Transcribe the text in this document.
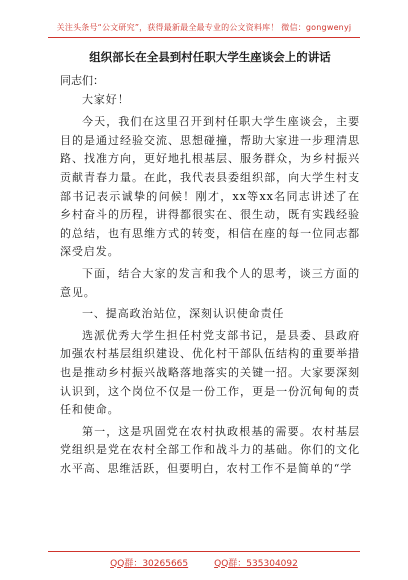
关注头条号“公文研究”，获得最新最全最专业的公文资料库！ 微信：gongwenyj
组织部长在全县到村任职大学生座谈会上的讲话

同志们：

大家好！

今天，我们在这里召开到村任职大学生座谈会，主要目的是通过经验交流、思想碰撞，帮助大家进一步理清思路、找准方向，更好地扎根基层、服务群众，为乡村振兴贡献青春力量。在此，我代表县委组织部，向大学生村支部书记表示诚挚的问候！刚才，xx等xx名同志讲述了在乡村奋斗的历程，讲得都很实在、很生动，既有实践经验的总结，也有思维方式的转变，相信在座的每一位同志都深受启发。

下面，结合大家的发言和我个人的思考，谈三方面的意见。

一、提高政治站位，深刻认识使命责任

选派优秀大学生担任村党支部书记，是县委、县政府加强农村基层组织建设、优化村干部队伍结构的重要举措也是推动乡村振兴战略落地落实的关键一招。大家要深刻认识到，这个岗位不仅是一份工作，更是一份沉甸甸的责任和使命。

第一，这是巩固党在农村执政根基的需要。农村基层党组织是党在农村全部工作和战斗力的基础。你们的文化水平高、思维活跃，但要明白，农村工作不是简单的“学

QQ群：30265665	QQ群：535304092
